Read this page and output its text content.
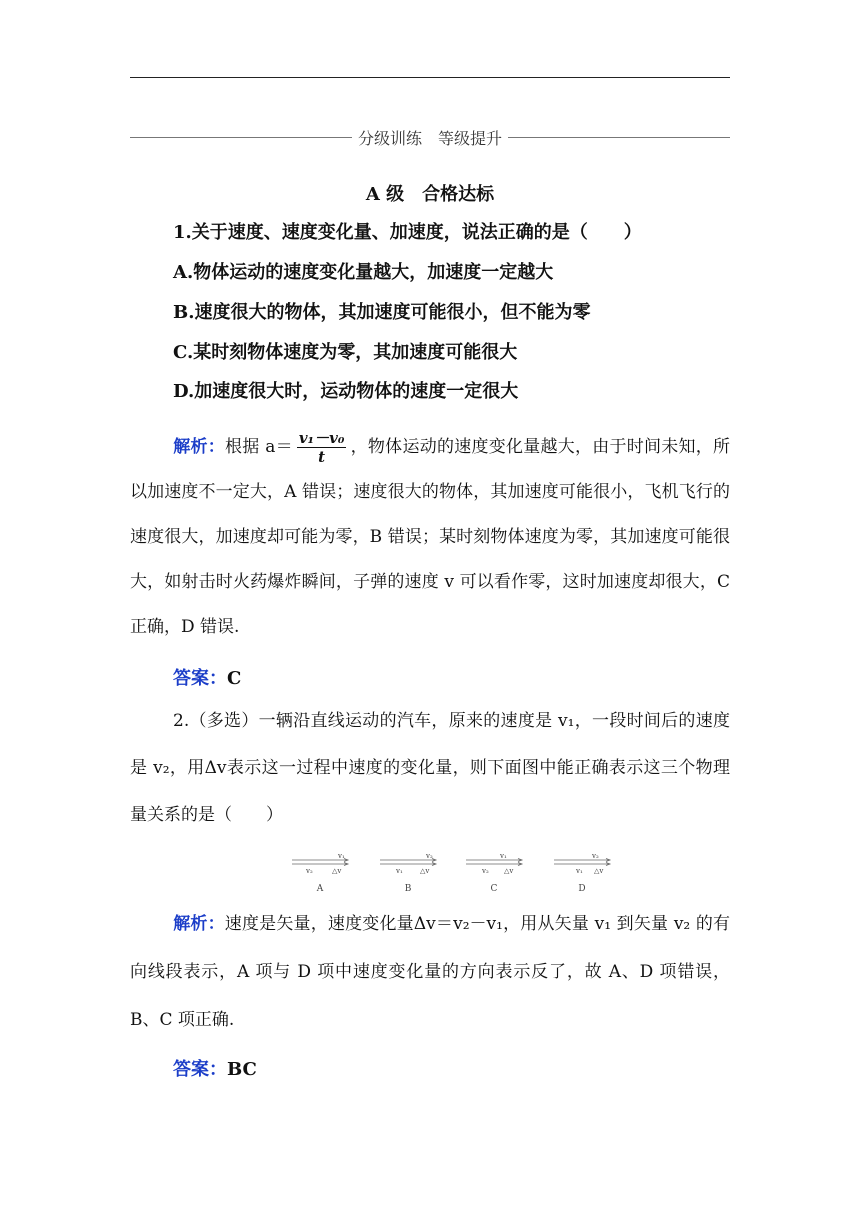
分级训练　等级提升
A 级　合格达标
1.关于速度、速度变化量、加速度，说法正确的是（　　）
A.物体运动的速度变化量越大，加速度一定越大
B.速度很大的物体，其加速度可能很小，但不能为零
C.某时刻物体速度为零，其加速度可能很大
D.加速度很大时，运动物体的速度一定很大
解析：根据 $a= \frac{\text{v₁－v₀}}{t}$ ，物体运动的速度变化量越大，由于时间未知，所以加速度不一定大，A 错误；速度很大的物体，其加速度可能很小，飞机飞行的速度很大，加速度却可能为零，B 错误；某时刻物体速度为零，其加速度可能很大，如射击时火药爆炸瞬间，子弹的速度 v 可以看作零，这时加速度却很大，C 正确，D 错误.
答案：C
2.（多选）一辆沿直线运动的汽车，原来的速度是 v₁，一段时间后的速度是 v₂，用Δv表示这一过程中速度的变化量，则下面图中能正确表示这三个物理量关系的是（　　）
v₁
v₂	△v
A
v₂
v₁ △v
B
v₁
v₂ △v
C
v₂
v₁ △v
D
解析：速度是矢量，速度变化量Δv＝v₂－v₁，用从矢量 v₁ 到矢量 v₂ 的有向线段表示，A 项与 D 项中速度变化量的方向表示反了，故 A、D 项错误，B、C 项正确.
答案：BC
